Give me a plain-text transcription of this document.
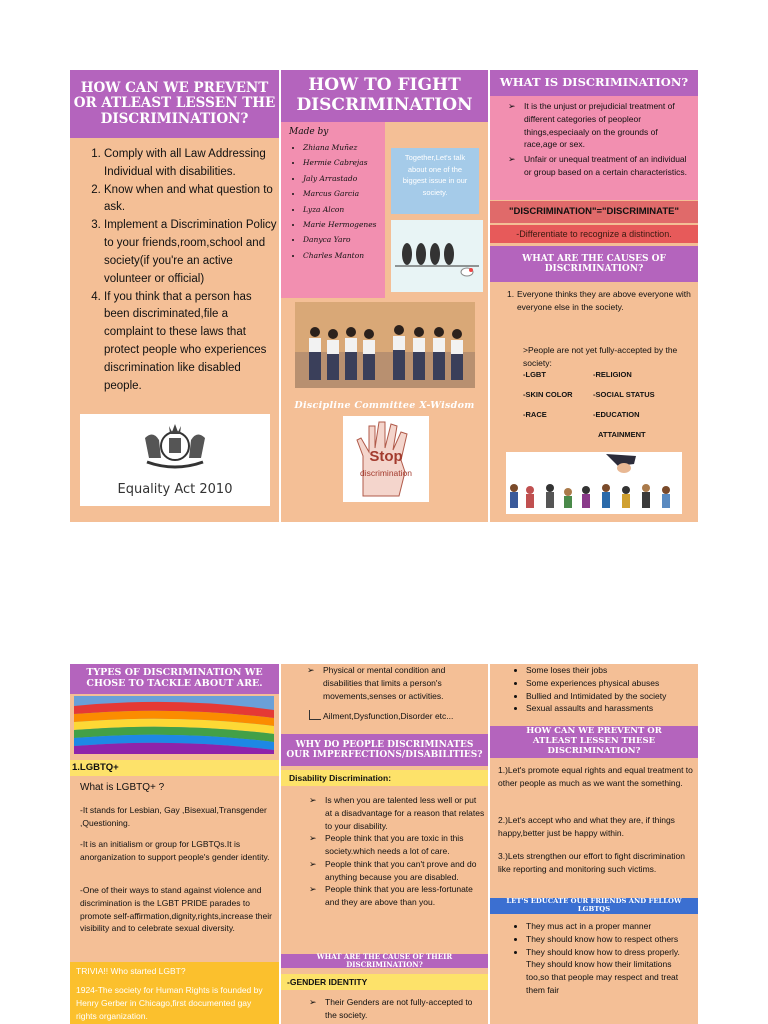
HOW CAN WE PREVENT OR ATLEAST LESSEN THE DISCRIMINATION?
1. Comply with all Law Addressing Individual with disabilities.
2. Know when and what question to ask.
3. Implement a Discrimination Policy to your friends,room,school and society(if you're an active volunteer or official)
4. If you think that a person has been discriminated,file a complaint to these laws that protect people who experiences discrimination like disabled people.
Equality Act 2010
HOW TO FIGHT DISCRIMINATION
Made by
• Zhiana Muñez
• Hermie Cabrejas
• Jaly Arrastado
• Marcus Garcia
• Lyza Alcon
• Marie Hermogenes
• Danyca Yaro
• Charles Manton
Together,Let's talk about one of the biggest issue in our society.
Discipline Committee X-Wisdom
Stop
discrimination
WHAT IS DISCRIMINATION?
➢ It is the unjust or prejudicial treatment of different categories of peopleor things,especiaaly on the grounds of race,age or sex.
➢ Unfair or unequal treatment of an individual or group based on a certain characteristics.
"DISCRIMINATION"="DISCRIMINATE"
-Differentiate to recognize a distinction.
WHAT ARE THE CAUSES OF DISCRIMINATION?
1. Everyone thinks they are above everyone with everyone else in the society.
>People are not yet fully-accepted by the society:
-LGBT	-RELIGION
-SKIN COLOR	-SOCIAL STATUS
-RACE	-EDUCATION
ATTAINMENT
TYPES OF DISCRIMINATION WE CHOSE TO TACKLE ABOUT ARE.
1.LGBTQ+
What is LGBTQ+ ?
-It stands for Lesbian, Gay ,Bisexual,Transgender ,Questioning.
-It is an initialism or group for LGBTQs.It is anorganization to support people's gender identity.
-One of their ways to stand against violence and discrimination is the LGBT PRIDE parades to promote self-affirmation,dignity,rights,increase their visibility and to celebrate sexual diversity.
TRIVIA!! Who started LGBT?
1924-The society for Human Rights is founded by Henry Gerber in Chicago,first documented gay rights organization.
➢ Physical or mental condition and disabilities that limits a person's movements,senses or activities.
Ailment,Dysfunction,Disorder etc...
WHY DO PEOPLE DISCRIMINATES OUR IMPERFECTIONS/DISABILITIES?
Disability Discrimination:
➢ Is when you are talented less well or put at a disadvantage for a reason that relates to your disability.
➢ People think that you are toxic in this society.which needs a lot of care.
➢ People think that you can't prove and do anything because you are disabled.
➢ People think that you are less-fortunate and they are above than you.
WHAT ARE THE CAUSE OF THEIR DISCRIMINATION?
-GENDER IDENTITY
➢ Their Genders are not fully-accepted to the society.
• Some loses their jobs
• Some experiences physical abuses
• Bullied and Intimidated by the society
• Sexual assaults and harassments
HOW CAN WE PREVENT OR ATLEAST LESSEN THESE DISCRIMINATION?
1.)Let's promote equal rights and equal treatment to other people as much as we want the something.
2.)Let's accept who and what they are, if things happy,better just be happy within.
3.)Lets strengthen our effort to fight discrimination like reporting and monitoring such victims.
LET'S EDUCATE OUR FRIENDS AND FELLOW LGBTQS
• They mus act in a proper manner
• They should know how to respect others
• They should know how to dress properly.
They should know how their limitations too,so that people may respect and treat them fair
